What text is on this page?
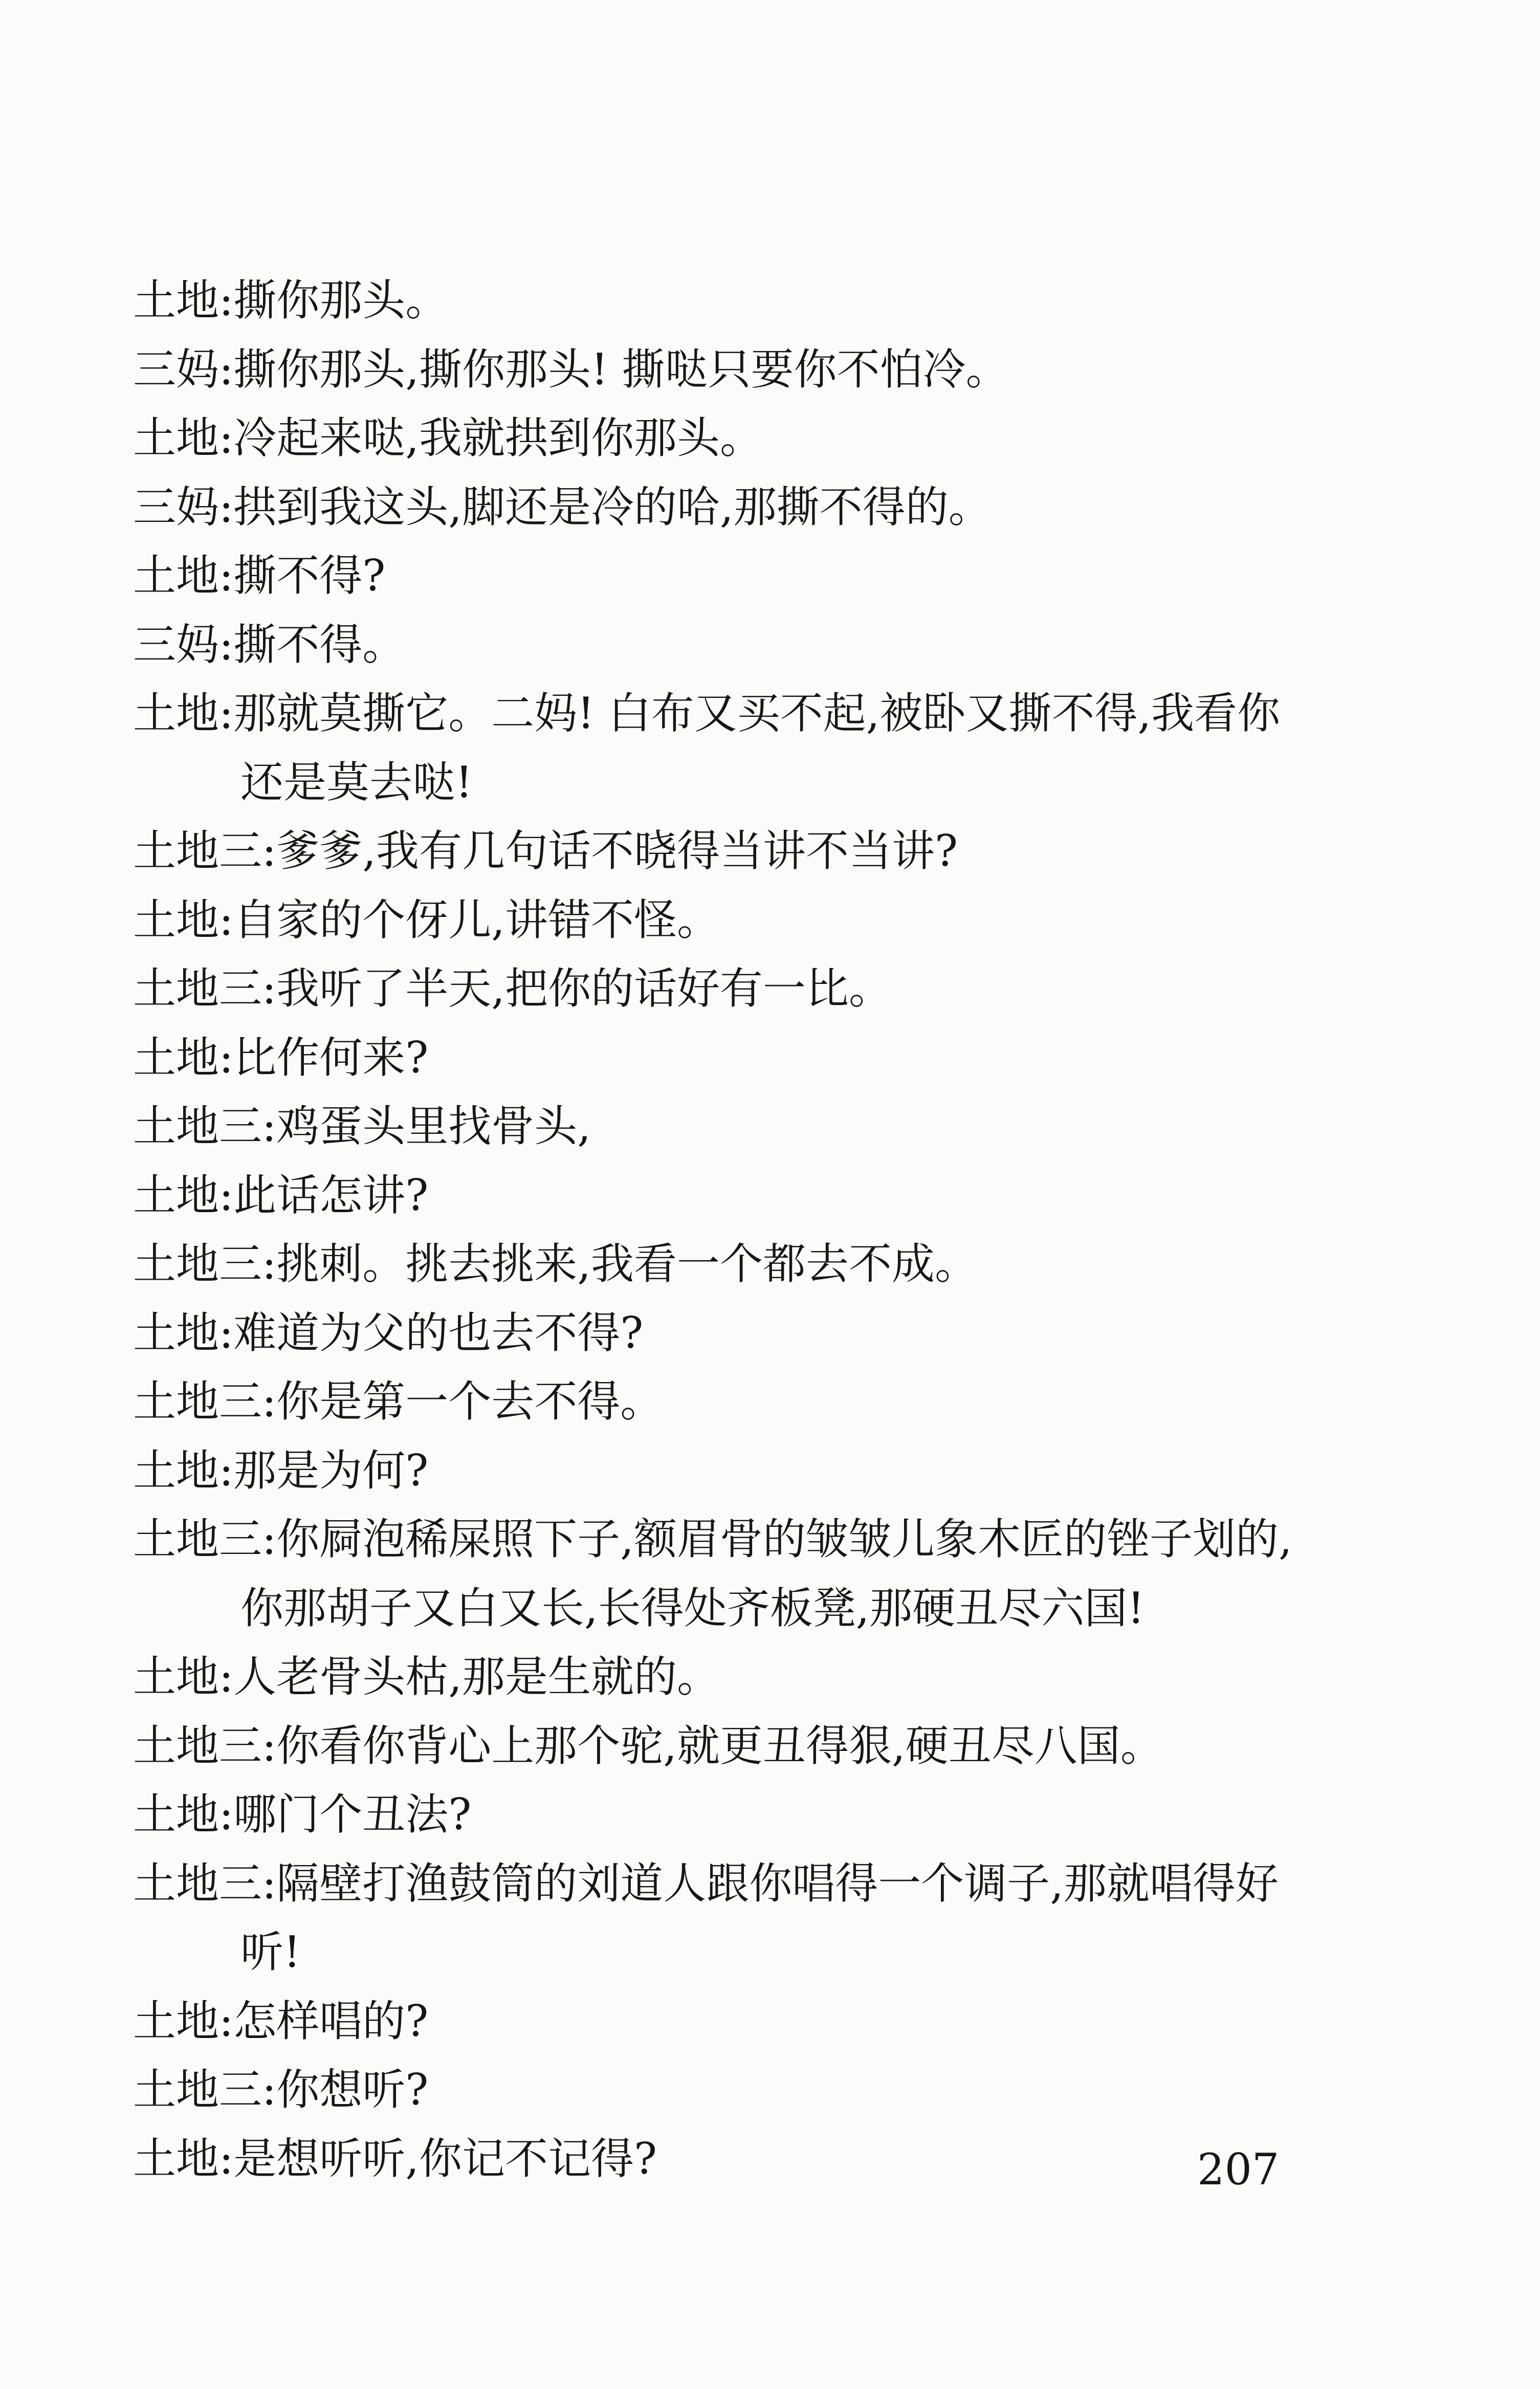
土地:撕你那头。
三妈:撕你那头,撕你那头! 撕哒只要你不怕冷。
土地:冷起来哒,我就拱到你那头。
三妈:拱到我这头,脚还是冷的哈,那撕不得的。
土地:撕不得?
三妈:撕不得。
土地:那就莫撕它。二妈! 白布又买不起,被卧又撕不得,我看你
还是莫去哒!
土地三:爹爹,我有几句话不晓得当讲不当讲?
土地:自家的个伢儿,讲错不怪。
土地三:我听了半天,把你的话好有一比。
土地:比作何来?
土地三:鸡蛋头里找骨头,
土地:此话怎讲?
土地三:挑刺。挑去挑来,我看一个都去不成。
土地:难道为父的也去不得?
土地三:你是第一个去不得。
土地:那是为何?
土地三:你屙泡稀屎照下子,额眉骨的皱皱儿象木匠的锉子划的,
你那胡子又白又长,长得处齐板凳,那硬丑尽六国!
土地:人老骨头枯,那是生就的。
土地三:你看你背心上那个驼,就更丑得狠,硬丑尽八国。
土地:哪门个丑法?
土地三:隔壁打渔鼓筒的刘道人跟你唱得一个调子,那就唱得好
听!
土地:怎样唱的?
土地三:你想听?
土地:是想听听,你记不记得?	207
